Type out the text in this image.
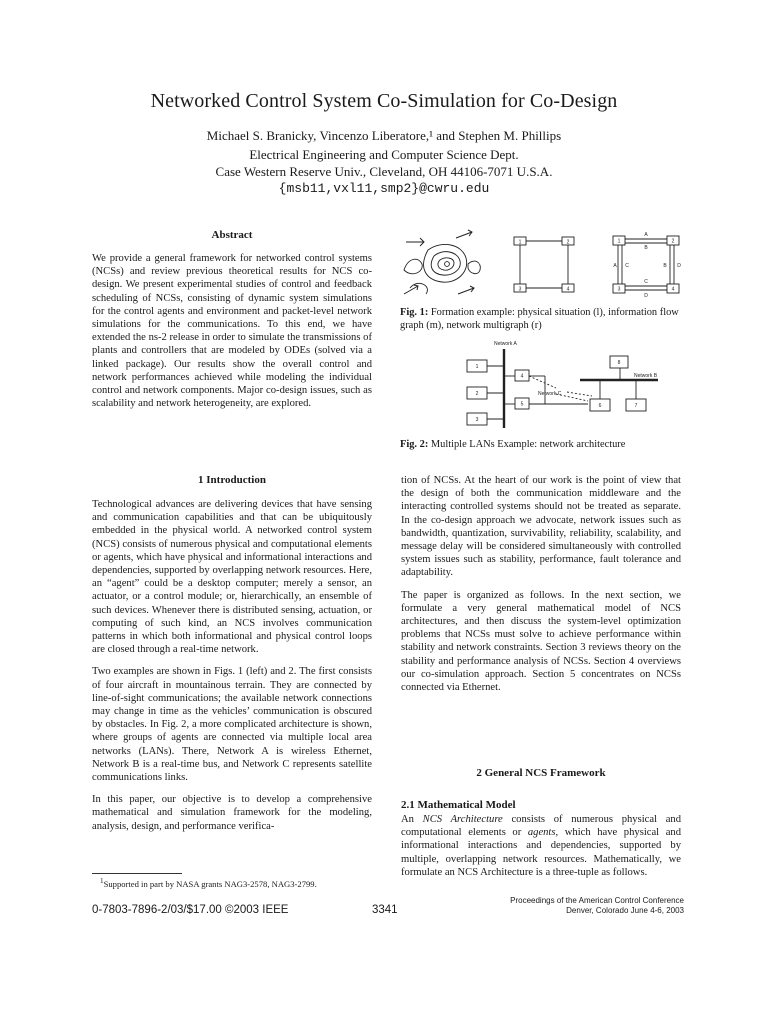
Networked Control System Co-Simulation for Co-Design
Michael S. Branicky, Vincenzo Liberatore,¹ and Stephen M. Phillips
Electrical Engineering and Computer Science Dept.
Case Western Reserve Univ., Cleveland, OH 44106-7071 U.S.A.
{msb11,vxl11,smp2}@cwru.edu
Abstract

We provide a general framework for networked control systems (NCSs) and review previous theoretical results for NCS co-design. We present experimental studies of control and feedback scheduling of NCSs, consisting of dynamic system simulations for the control agents and environment and packet-level network simulations for the communications. To this end, we have extended the ns-2 release in order to simulate the transmissions of plants and controllers that are modeled by ODEs (solved via a linked package). Our results show the overall control and network performances achieved while modeling the individual control and network components. Major co-design issues, such as scalability and network heterogeneity, are explored.

1	2
3	4
1	2
3	4
A
B
A C	B D
C
D
Fig. 1: Formation example: physical situation (l), information flow graph (m), network multigraph (r)
Network A
Network B
Network C
1
2
3
4
5	6	7
8
Fig. 2: Multiple LANs Example: network architecture
1 Introduction

Technological advances are delivering devices that have sensing and communication capabilities and that can be ubiquitously embedded in the physical world. A networked control system (NCS) consists of numerous physical and computational elements or agents, which have physical and informational interactions and dependencies, supported by overlapping network resources. Here, an “agent” could be a desktop computer; merely a sensor, an actuator, or a control module; or, hierarchically, an ensemble of such devices. Whenever there is distributed sensing, actuation, or computing of such kind, an NCS involves communication patterns in which both informational and physical control loops are closed through a real-time network.

Two examples are shown in Figs. 1 (left) and 2. The first consists of four aircraft in mountainous terrain. They are connected by line-of-sight communications; the available network connections may change in time as the vehicles’ communication is obscured by obstacles. In Fig. 2, a more complicated architecture is shown, where groups of agents are connected via multiple local area networks (LANs). There, Network A is wireless Ethernet, Network B is a real-time bus, and Network C represents satellite communications links.

In this paper, our objective is to develop a comprehensive mathematical and simulation framework for the modeling, analysis, design, and performance verifica-

$^1$Supported in part by NASA grants NAG3-2578, NAG3-2799.

tion of NCSs. At the heart of our work is the point of view that the design of both the communication middleware and the interacting controlled systems should not be treated as separate. In the co-design approach we advocate, network issues such as bandwidth, quantization, survivability, reliability, scalability, and message delay will be considered simultaneously with controlled system issues such as stability, performance, fault tolerance and adaptability.

The paper is organized as follows. In the next section, we formulate a very general mathematical model of NCS architectures, and then discuss the system-level optimization problems that NCSs must solve to achieve performance within stability and network constraints. Section 3 reviews theory on the stability and performance analysis of NCSs. Section 4 overviews our co-simulation approach. Section 5 concentrates on NCSs connected via Ethernet.

2 General NCS Framework
2.1 Mathematical Model

An NCS Architecture consists of numerous physical and computational elements or agents, which have physical and informational interactions and dependencies, supported by multiple, overlapping network resources. Mathematically, we formulate an NCS Architecture is a three-tuple as follows.

0-7803-7896-2/03/$17.00 ©2003 IEEE	3341
Proceedings of the American Control Conference
Denver, Colorado June 4-6, 2003
